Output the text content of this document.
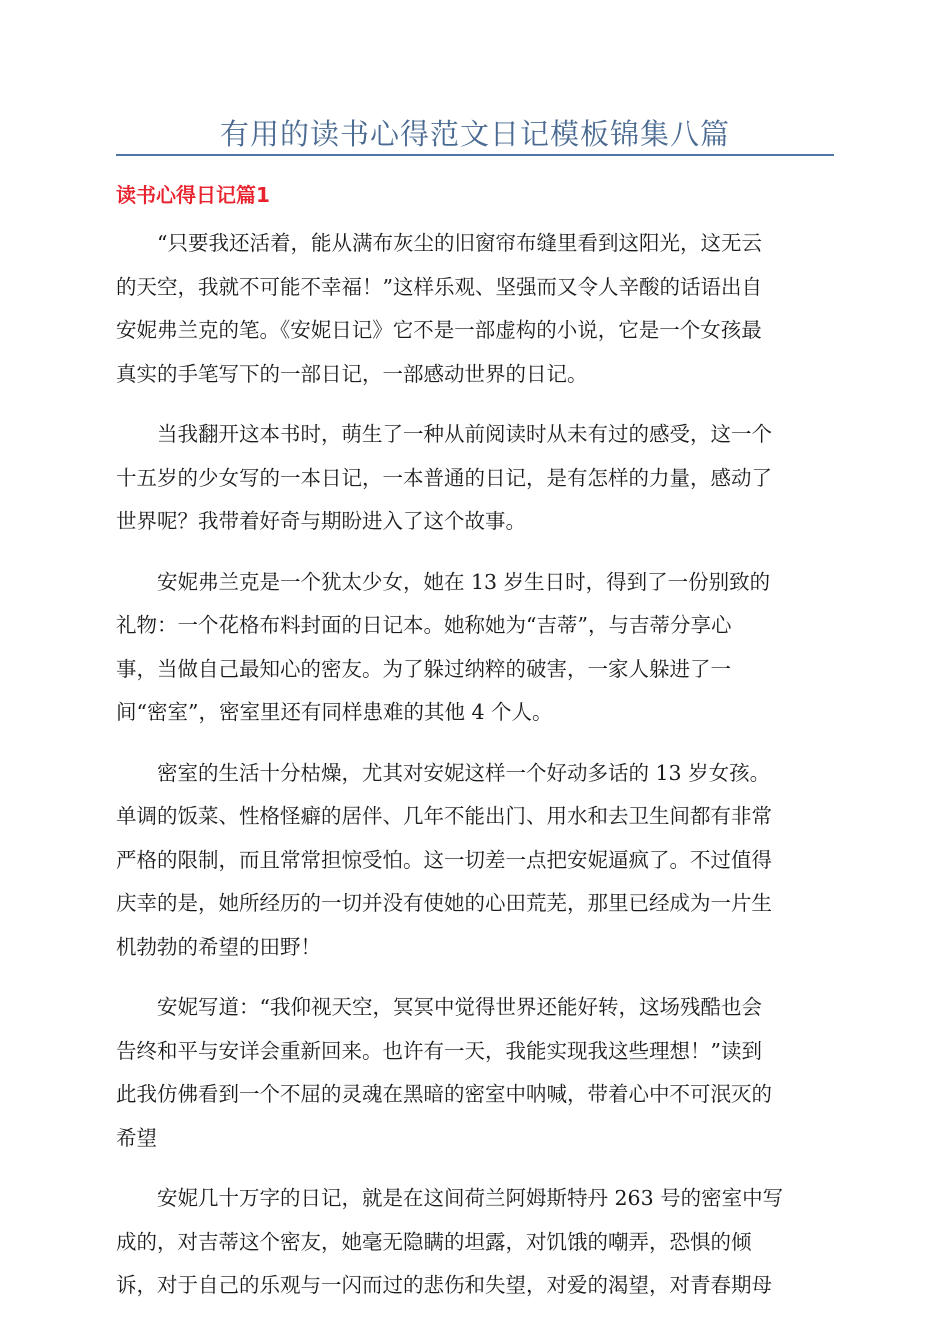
有用的读书心得范文日记模板锦集八篇
读书心得日记篇1

　　“只要我还活着，能从满布灰尘的旧窗帘布缝里看到这阳光，这无云
的天空，我就不可能不幸福！”这样乐观、坚强而又令人辛酸的话语出自
安妮弗兰克的笔。《安妮日记》它不是一部虚构的小说，它是一个女孩最
真实的手笔写下的一部日记，一部感动世界的日记。

　　当我翻开这本书时，萌生了一种从前阅读时从未有过的感受，这一个
十五岁的少女写的一本日记，一本普通的日记，是有怎样的力量，感动了
世界呢？我带着好奇与期盼进入了这个故事。

　　安妮弗兰克是一个犹太少女，她在 13 岁生日时，得到了一份别致的
礼物：一个花格布料封面的日记本。她称她为“吉蒂”，与吉蒂分享心
事，当做自己最知心的密友。为了躲过纳粹的破害，一家人躲进了一
间“密室”，密室里还有同样患难的其他 4 个人。

　　密室的生活十分枯燥，尤其对安妮这样一个好动多话的 13 岁女孩。
单调的饭菜、性格怪癖的居伴、几年不能出门、用水和去卫生间都有非常
严格的限制，而且常常担惊受怕。这一切差一点把安妮逼疯了。不过值得
庆幸的是，她所经历的一切并没有使她的心田荒芜，那里已经成为一片生
机勃勃的希望的田野！

　　安妮写道：“我仰视天空，冥冥中觉得世界还能好转，这场残酷也会
告终和平与安详会重新回来。也许有一天，我能实现我这些理想！”读到
此我仿佛看到一个不屈的灵魂在黑暗的密室中呐喊，带着心中不可泯灭的
希望

　　安妮几十万字的日记，就是在这间荷兰阿姆斯特丹 263 号的密室中写
成的，对吉蒂这个密友，她毫无隐瞒的坦露，对饥饿的嘲弄，恐惧的倾
诉，对于自己的乐观与一闪而过的悲伤和失望，对爱的渴望，对青春期母
